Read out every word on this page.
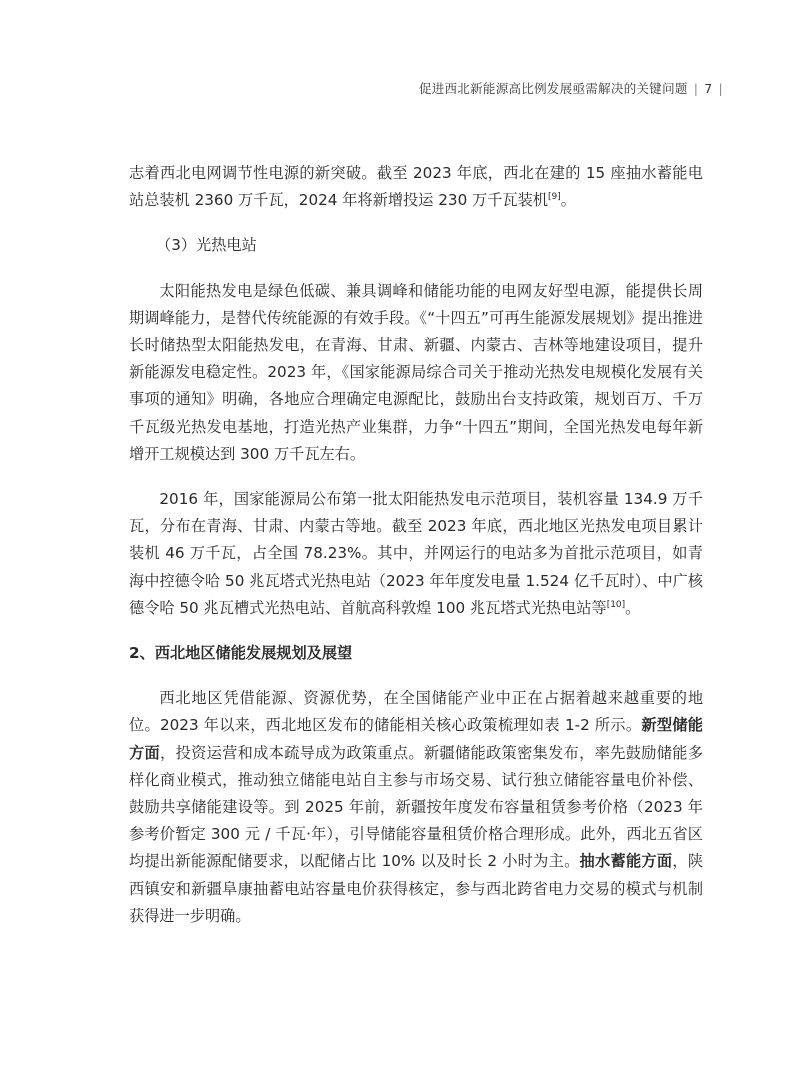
促进西北新能源高比例发展亟需解决的关键问题 | 7 |

志着西北电网调节性电源的新突破。截至 2023 年底，西北在建的 15 座抽水蓄能电站总装机 2360 万千瓦，2024 年将新增投运 230 万千瓦装机[9]。

（3）光热电站

太阳能热发电是绿色低碳、兼具调峰和储能功能的电网友好型电源，能提供长周期调峰能力，是替代传统能源的有效手段。《“十四五”可再生能源发展规划》提出推进长时储热型太阳能热发电，在青海、甘肃、新疆、内蒙古、吉林等地建设项目，提升新能源发电稳定性。2023 年，《国家能源局综合司关于推动光热发电规模化发展有关事项的通知》明确，各地应合理确定电源配比，鼓励出台支持政策，规划百万、千万千瓦级光热发电基地，打造光热产业集群，力争“十四五”期间，全国光热发电每年新增开工规模达到 300 万千瓦左右。

2016 年，国家能源局公布第一批太阳能热发电示范项目，装机容量 134.9 万千瓦，分布在青海、甘肃、内蒙古等地。截至 2023 年底，西北地区光热发电项目累计装机 46 万千瓦，占全国 78.23%。其中，并网运行的电站多为首批示范项目，如青海中控德令哈 50 兆瓦塔式光热电站（2023 年年度发电量 1.524 亿千瓦时）、中广核德令哈 50 兆瓦槽式光热电站、首航高科敦煌 100 兆瓦塔式光热电站等[10]。

2、西北地区储能发展规划及展望

西北地区凭借能源、资源优势，在全国储能产业中正在占据着越来越重要的地位。2023 年以来，西北地区发布的储能相关核心政策梳理如表 1-2 所示。新型储能方面，投资运营和成本疏导成为政策重点。新疆储能政策密集发布，率先鼓励储能多样化商业模式，推动独立储能电站自主参与市场交易、试行独立储能容量电价补偿、鼓励共享储能建设等。到 2025 年前，新疆按年度发布容量租赁参考价格（2023 年参考价暂定 300 元 / 千瓦·年），引导储能容量租赁价格合理形成。此外，西北五省区均提出新能源配储要求，以配储占比 10% 以及时长 2 小时为主。抽水蓄能方面，陕西镇安和新疆阜康抽蓄电站容量电价获得核定，参与西北跨省电力交易的模式与机制获得进一步明确。
